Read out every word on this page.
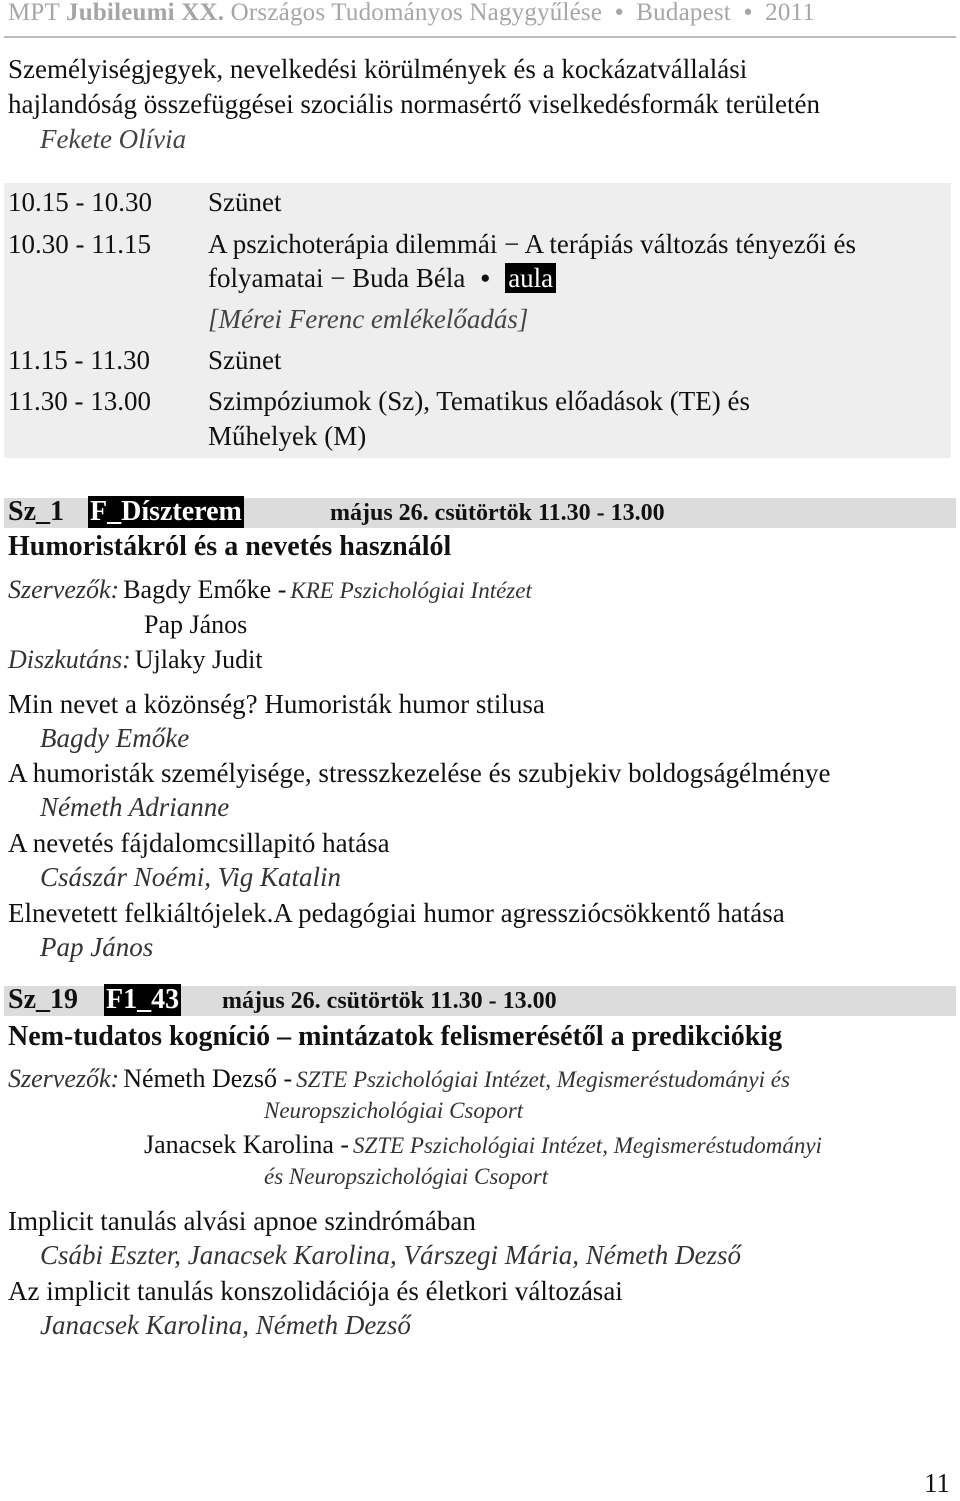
MPT Jubileumi XX. Országos Tudományos Nagygyűlése ● Budapest ● 2011
Személyiségjegyek, nevelkedési körülmények és a kockázatvállalási
hajlandóság összefüggései szociális normasértő viselkedésformák területén
Fekete Olívia
10.15 - 10.30 Szünet
10.30 - 11.15 A pszichoterápia dilemmái − A terápiás változás tényezői és
folyamatai − Buda Béla ● aula
[Mérei Ferenc emlékelőadás]
11.15 - 11.30 Szünet
11.30 - 13.00 Szimpóziumok (Sz), Tematikus előadások (TE) és
Műhelyek (M)
Sz_1 F_Díszterem	május 26. csütörtök 11.30 - 13.00
Humoristákról és a nevetés használól
Szervezők: Bagdy Emőke - KRE Pszichológiai Intézet
Pap János
Diszkutáns: Ujlaky Judit
Min nevet a közönség? Humoristák humor stilusa
Bagdy Emőke
A humoristák személyisége, stresszkezelése és szubjekiv boldogságélménye
Németh Adrianne
A nevetés fájdalomcsillapitó hatása
Császár Noémi, Vig Katalin
Elnevetett felkiáltójelek.A pedagógiai humor agressziócsökkentő hatása
Pap János
Sz_19 F1_43 május 26. csütörtök 11.30 - 13.00
Nem-tudatos kogníció – mintázatok felismerésétől a predikciókig
Szervezők: Németh Dezső - SZTE Pszichológiai Intézet, Megismeréstudományi és
Neuropszichológiai Csoport
Janacsek Karolina - SZTE Pszichológiai Intézet, Megismeréstudományi
és Neuropszichológiai Csoport
Implicit tanulás alvási apnoe szindrómában
Csábi Eszter, Janacsek Karolina, Várszegi Mária, Németh Dezső
Az implicit tanulás konszolidációja és életkori változásai
Janacsek Karolina, Németh Dezső
11
